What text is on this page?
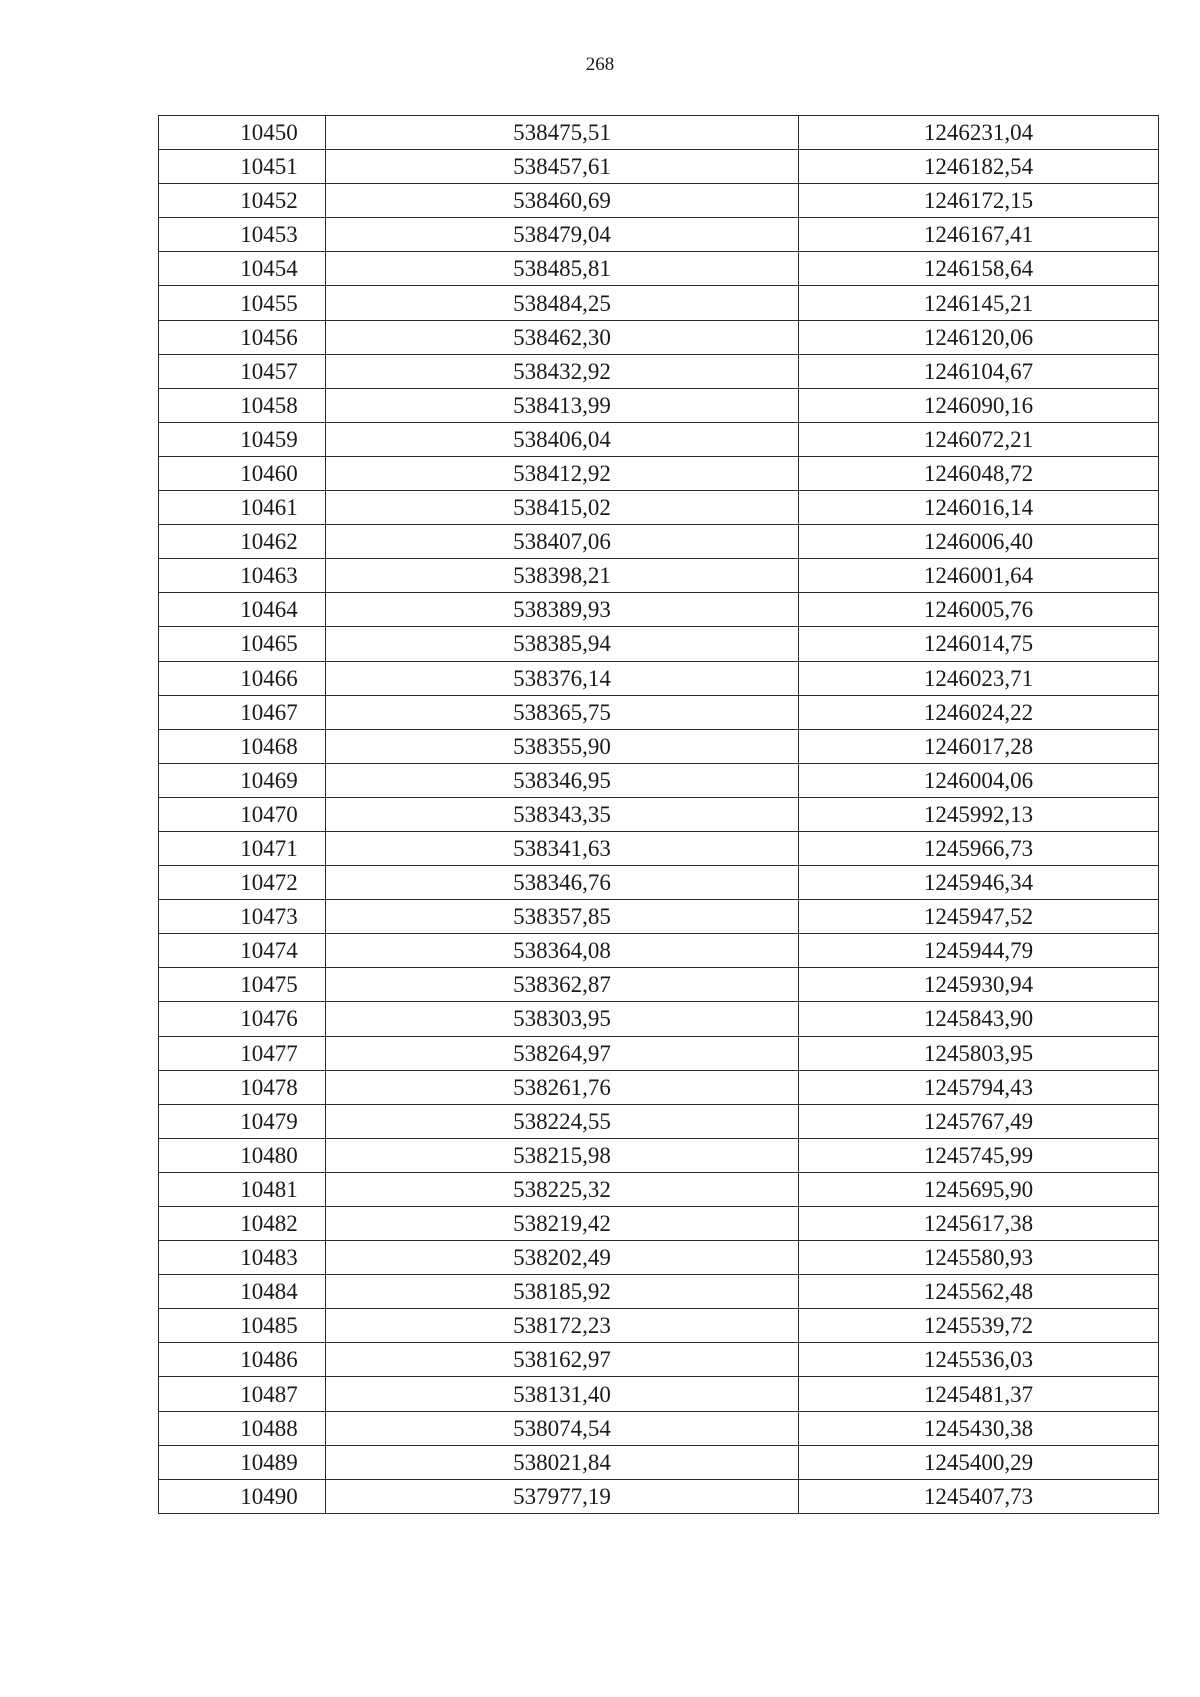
268
10450	538475,51	1246231,04
10451	538457,61	1246182,54
10452	538460,69	1246172,15
10453	538479,04	1246167,41
10454	538485,81	1246158,64
10455	538484,25	1246145,21
10456	538462,30	1246120,06
10457	538432,92	1246104,67
10458	538413,99	1246090,16
10459	538406,04	1246072,21
10460	538412,92	1246048,72
10461	538415,02	1246016,14
10462	538407,06	1246006,40
10463	538398,21	1246001,64
10464	538389,93	1246005,76
10465	538385,94	1246014,75
10466	538376,14	1246023,71
10467	538365,75	1246024,22
10468	538355,90	1246017,28
10469	538346,95	1246004,06
10470	538343,35	1245992,13
10471	538341,63	1245966,73
10472	538346,76	1245946,34
10473	538357,85	1245947,52
10474	538364,08	1245944,79
10475	538362,87	1245930,94
10476	538303,95	1245843,90
10477	538264,97	1245803,95
10478	538261,76	1245794,43
10479	538224,55	1245767,49
10480	538215,98	1245745,99
10481	538225,32	1245695,90
10482	538219,42	1245617,38
10483	538202,49	1245580,93
10484	538185,92	1245562,48
10485	538172,23	1245539,72
10486	538162,97	1245536,03
10487	538131,40	1245481,37
10488	538074,54	1245430,38
10489	538021,84	1245400,29
10490	537977,19	1245407,73
